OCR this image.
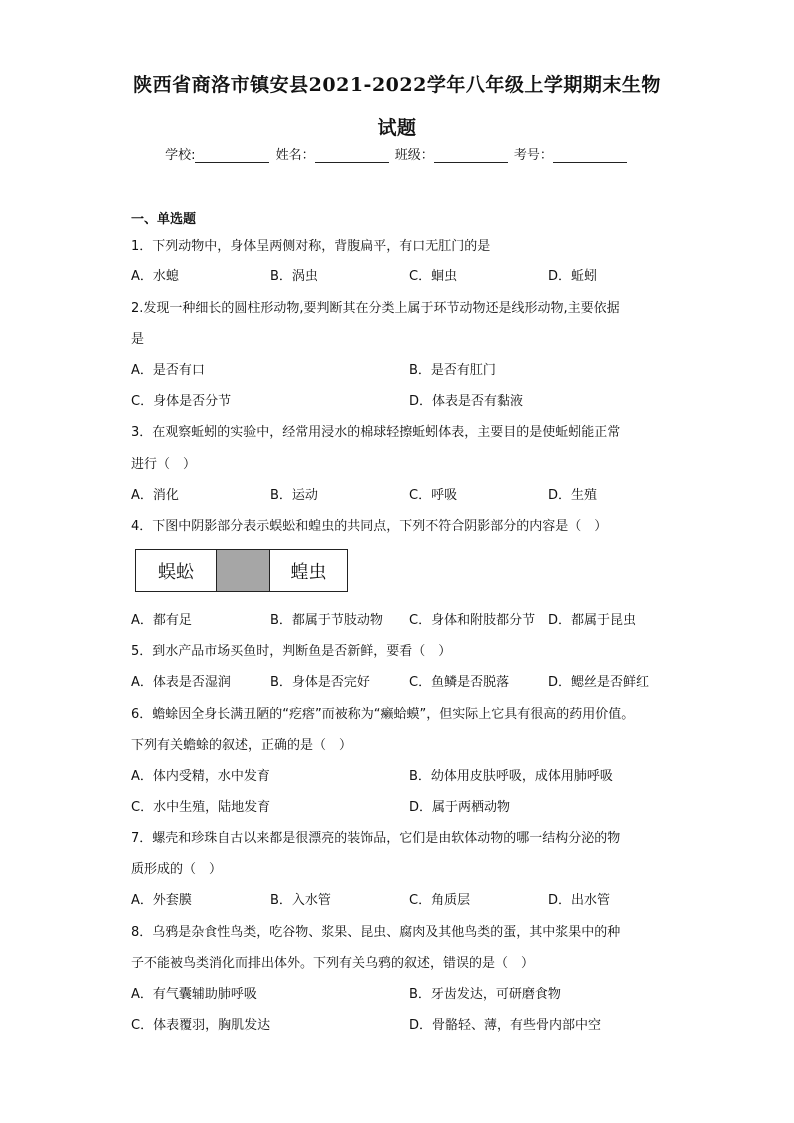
陕西省商洛市镇安县2021-2022学年八年级上学期期末生物
试题
学校:	姓名：	班级：	考号：
一、单选题
1．下列动物中，身体呈两侧对称，背腹扁平，有口无肛门的是
A．水螅	B．涡虫	C．蛔虫	D．蚯蚓
2.发现一种细长的圆柱形动物,要判断其在分类上属于环节动物还是线形动物,主要依据
是
A．是否有口	B．是否有肛门
C．身体是否分节	D．体表是否有黏液
3．在观察蚯蚓的实验中，经常用浸水的棉球轻擦蚯蚓体表，主要目的是使蚯蚓能正常
进行（　）
A．消化	B．运动	C．呼吸	D．生殖
4．下图中阴影部分表示蜈蚣和蝗虫的共同点，下列不符合阴影部分的内容是（　）
蜈蚣	蝗虫
A．都有足	B．都属于节肢动物 C．身体和附肢都分节 D．都属于昆虫
5．到水产品市场买鱼时，判断鱼是否新鲜，要看（　）
A．体表是否湿润	B．身体是否完好	C．鱼鳞是否脱落	D．鳃丝是否鲜红
6．蟾蜍因全身长满丑陋的“疙瘩”而被称为“癞蛤蟆”，但实际上它具有很高的药用价值。
下列有关蟾蜍的叙述，正确的是（　）
A．体内受精，水中发育	B．幼体用皮肤呼吸，成体用肺呼吸
C．水中生殖，陆地发育	D．属于两栖动物
7．螺壳和珍珠自古以来都是很漂亮的装饰品，它们是由软体动物的哪一结构分泌的物
质形成的（　）
A．外套膜	B．入水管	C．角质层	D．出水管
8．乌鸦是杂食性鸟类，吃谷物、浆果、昆虫、腐肉及其他鸟类的蛋，其中浆果中的种
子不能被鸟类消化而排出体外。下列有关乌鸦的叙述，错误的是（　）
A．有气囊辅助肺呼吸	B．牙齿发达，可研磨食物
C．体表覆羽，胸肌发达	D．骨骼轻、薄，有些骨内部中空
